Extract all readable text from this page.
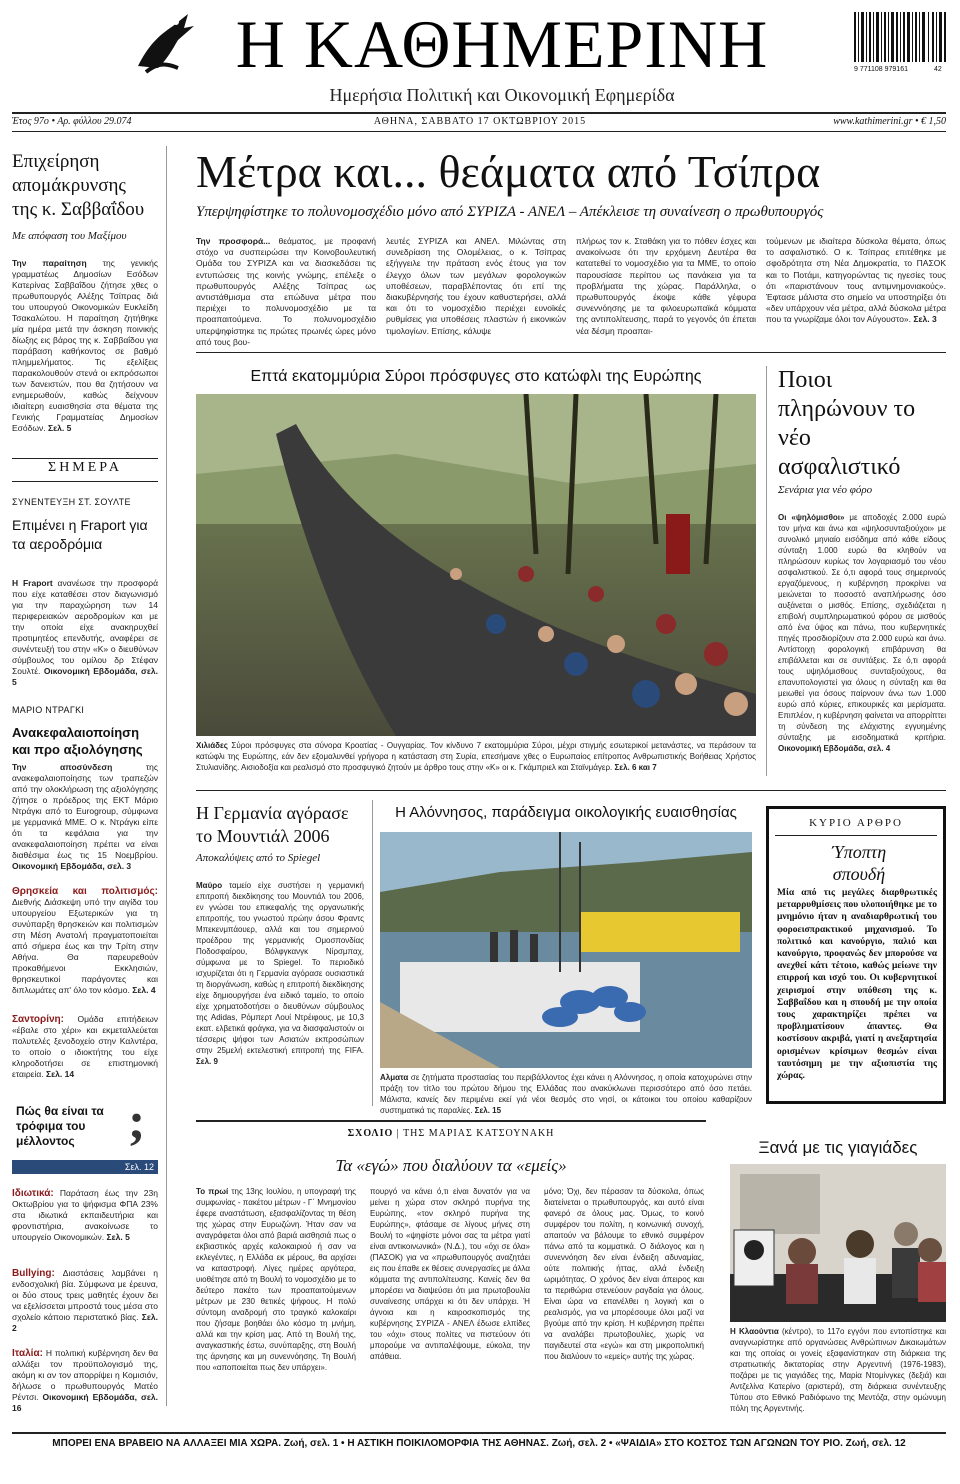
Η ΚΑΘΗΜΕΡΙΝΗ
Ημερήσια Πολιτική και Οικονομική Εφημερίδα
9 771108 979161	42
Έτος 97ο • Αρ. φύλλου 29.074	ΑΘΗΝΑ, ΣΑΒΒΑΤΟ 17 ΟΚΤΩΒΡΙΟΥ 2015	www.kathimerini.gr • € 1,50
Επιχείρηση απομάκρυνσης της κ. Σαββαΐδου
Με απόφαση του Μαξίμου
Την παραίτηση της γενικής γραμματέως Δημοσίων Εσόδων Κατερίνας Σαββαΐδου ζήτησε χθες ο πρωθυπουργός Αλέξης Τσίπρας διά του υπουργού Οικονομικών Ευκλείδη Τσακαλώτου. Η παραίτηση ζητήθηκε μία ημέρα μετά την άσκηση ποινικής δίωξης εις βάρος της κ. Σαββαΐδου για παράβαση καθήκοντος σε βαθμό πλημμελήματος. Τις εξελίξεις παρακολουθούν στενά οι εκπρόσωποι των δανειστών, που θα ζητήσουν να ενημερωθούν, καθώς δείχνουν ιδιαίτερη ευαισθησία στα θέματα της Γενικής Γραμματείας Δημοσίων Εσόδων. Σελ. 5
ΣΗΜΕΡΑ
ΣΥΝΕΝΤΕΥΞΗ ΣΤ. ΣΟΥΛΤΕ
Επιμένει η Fraport για τα αεροδρόμια
Η Fraport ανανέωσε την προσφορά που είχε καταθέσει στον διαγωνισμό για την παραχώρηση των 14 περιφερειακών αεροδρομίων και με την οποία είχε ανακηρυχθεί προτιμητέος επενδυτής, αναφέρει σε συνέντευξή του στην «Κ» ο διευθύνων σύμβουλος του ομίλου δρ Στέφαν Σουλτέ. Οικονομική Εβδομάδα, σελ. 5
ΜΑΡΙΟ ΝΤΡΑΓΚΙ
Ανακεφαλαιοποίηση και προ αξιολόγησης
Την αποσύνδεση	της ανακεφαλαιοποίησης των τραπεζών από την ολοκλήρωση της αξιολόγησης ζήτησε ο πρόεδρος της ΕΚΤ Μάριο Ντράγκι από το Eurogroup, σύμφωνα με γερμανικά ΜΜΕ. Ο κ. Ντράγκι είπε ότι τα κεφάλαια για την ανακεφαλαιοποίηση πρέπει να είναι διαθέσιμα έως τις 15 Νοεμβρίου. Οικονομική Εβδομάδα, σελ. 3
Θρησκεία και πολιτισμός: Διεθνής Διάσκεψη υπό την αιγίδα του υπουργείου Εξωτερικών για τη συνύπαρξη θρησκειών και πολιτισμών στη Μέση Ανατολή πραγματοποιείται από σήμερα έως και την Τρίτη στην Αθήνα. Θα παρευρεθούν προκαθήμενοι Εκκλησιών, θρησκευτικοί παράγοντες και διπλωμάτες απ' όλο τον κόσμο. Σελ. 4
Σαντορίνη: Ομάδα επιτήδειων «έβαλε στο χέρι» και εκμεταλλεύεται πολυτελές ξενοδοχείο στην Καλντέρα, το οποίο ο ιδιοκτήτης του είχε κληροδοτήσει σε επιστημονική εταιρεία. Σελ. 14
Πώς θα είναι τα τρόφιμα του μέλλοντος	;
Σελ. 12
Ιδιωτικά: Παράταση έως την 23η Οκτωβρίου για το ψήφισμα ΦΠΑ 23% στα ιδιωτικά εκπαιδευτήρια και φροντιστήρια, ανακοίνωσε το υπουργείο Οικονομικών. Σελ. 5
Bullying: Διαστάσεις λαμβάνει η ενδοσχολική βία. Σύμφωνα με έρευνα, οι δύο στους τρεις μαθητές έχουν δει να εξελίσσεται μπροστά τους μέσα στο σχολείο κάποιο περιστατικό βίας. Σελ. 2
Ιταλία: Η πολιτική κυβέρνηση δεν θα αλλάξει τον προϋπολογισμό της, ακόμη κι αν τον απορρίψει η Κομισιόν, δήλωσε ο πρωθυπουργός Ματέο Ρέντσι. Οικονομική Εβδομάδα, σελ. 16
Μέτρα και... θεάματα από Τσίπρα
Υπερψηφίστηκε το πολυνομοσχέδιο μόνο από ΣΥΡΙΖΑ - ΑΝΕΛ – Απέκλεισε τη συναίνεση ο πρωθυπουργός
Την προσφορά... θεάματος, με προφανή στόχο να συσπειρώσει την Κοινοβουλευτική Ομάδα του ΣΥΡΙΖΑ και να διασκεδάσει τις εντυπώσεις της κοινής γνώμης, επέλεξε ο πρωθυπουργός Αλέξης Τσίπρας ως αντιστάθμισμα στα επώδυνα μέτρα που περιέχει το πολυνομοσχέδιο με τα προαπαιτούμενα. Το πολυνομοσχέδιο υπερψηφίστηκε τις πρώτες πρωινές ώρες μόνο από τους βου-
λευτές ΣΥΡΙΖΑ και ΑΝΕΛ. Μιλώντας στη συνεδρίαση της Ολομέλειας, ο κ. Τσίπρας εξήγγειλε την πράταση ενός έτους για τον έλεγχο όλων των μεγάλων φορολογικών υποθέσεων, παραβλέποντας ότι επί της διακυβέρνησής του έχουν καθυστερήσει, αλλά και ότι το νομοσχέδιο περιέχει ευνοϊκές ρυθμίσεις για υποθέσεις πλαστών ή εικονικών τιμολογίων. Επίσης, κάλυψε
πλήρως τον κ. Σταθάκη για το πόθεν έσχες και ανακοίνωσε ότι την ερχόμενη Δευτέρα θα κατατεθεί το νομοσχέδιο για τα ΜΜΕ, το οποίο παρουσίασε περίπου ως πανάκεια για τα προβλήματα της χώρας. Παράλληλα, ο πρωθυπουργός έκοψε κάθε γέφυρα συνεννόησης με τα φιλοευρωπαϊκά κόμματα της αντιπολίτευσης, παρά το γεγονός ότι έπεται νέα δέσμη προαπαι-
τούμενων με ιδιαίτερα δύσκολα θέματα, όπως το ασφαλιστικό. Ο κ. Τσίπρας επιτέθηκε με σφοδρότητα στη Νέα Δημοκρατία, το ΠΑΣΟΚ και το Ποτάμι, κατηγορώντας τις ηγεσίες τους ότι «παριστάνουν τους αντιμνημονιακούς». Έφτασε μάλιστα στο σημείο να υποστηρίξει ότι «δεν υπάρχουν νέα μέτρα, αλλά δύσκολα μέτρα που τα γνωρίζαμε όλοι τον Αύγουστο». Σελ. 3
Επτά εκατομμύρια Σύροι πρόσφυγες στο κατώφλι της Ευρώπης
Χιλιάδες Σύροι πρόσφυγες στα σύνορα Κροατίας - Ουγγαρίας. Τον κίνδυνο 7 εκατομμύρια Σύροι, μέχρι στιγμής εσωτερικοί μετανάστες, να περάσουν τα κατώφλι της Ευρώπης, εάν δεν εξομαλυνθεί γρήγορα η κατάσταση στη Συρία, επεσήμανε χθες ο Ευρωπαίος επίτροπος Ανθρωπιστικής Βοήθειας Χρήστος Στυλιανίδης. Αισιοδοξία και ρεαλισμό στο προσφυγικό ζητούν με άρθρο τους στην «Κ» οι κ. Γκάμπριελ και Σταϊνμάγερ. Σελ. 6 και 7
Ποιοι πληρώνουν το νέο ασφαλιστικό
Σενάρια για νέο φόρο
Οι «ψηλόμισθοι» με αποδοχές 2.000 ευρώ τον μήνα και άνω και «ψηλοσυνταξιούχοι» με συνολικό μηνιαίο εισόδημα από κάθε είδους σύνταξη 1.000 ευρώ θα κληθούν να πληρώσουν κυρίως τον λογαριασμό του νέου ασφαλιστικού. Σε ό,τι αφορά τους σημερινούς εργαζόμενους, η κυβέρνηση προκρίνει να μειώνεται το ποσοστό αναπλήρωσης όσο αυξάνεται ο μισθός. Επίσης, σχεδιάζεται η επιβολή συμπληρωματικού φόρου σε μισθούς από ένα ύψος και πάνω, που κυβερνητικές πηγές προσδιορίζουν στα 2.000 ευρώ και άνω. Αντίστοιχη φορολογική επιβάρυνση θα επιβάλλεται και σε συντάξεις. Σε ό,τι αφορά τους υψηλόμισθους συνταξιούχους, θα επανυπολογιστεί για όλους η σύνταξη και θα μειωθεί για όσους παίρνουν άνω των 1.000 ευρώ από κύριες, επικουρικές και μερίσματα. Επιπλέον, η κυβέρνηση φαίνεται να απορρίπτει τη σύνδεση της ελάχιστης εγγυημένης σύνταξης με εισοδηματικά κριτήρια. Οικονομική Εβδομάδα, σελ. 4
Η Γερμανία αγόρασε το Μουντιάλ 2006
Αποκαλύψεις από το Spiegel
Μαύρο ταμείο είχε συστήσει η γερμανική επιτροπή διεκδίκησης του Μουντιάλ του 2006, εν γνώσει του επικεφαλής της οργανωτικής επιτροπής, του γνωστού πρώην άσου Φραντς Μπεκενμπάουερ, αλλά και του σημερινού προέδρου της γερμανικής Ομοσπονδίας Ποδοσφαίρου, Βόλφγκανγκ Νίρσμπαχ, σύμφωνα με το Spiegel. Το περιοδικό ισχυρίζεται ότι η Γερμανία αγόρασε ουσιαστικά τη διοργάνωση, καθώς η επιτροπή διεκδίκησης είχε δημιουργήσει ένα ειδικό ταμείο, το οποίο είχε χρηματοδοτήσει ο διευθύνων σύμβουλος της Adidas, Ρόμπερτ Λουί Ντρέιφους, με 10,3 εκατ. ελβετικά φράγκα, για να διασφαλιστούν οι τέσσερις ψήφοι των Ασιατών εκπροσώπων στην 25μελή εκτελεστική επιτροπή της FIFA. Σελ. 9
Η Αλόννησος, παράδειγμα οικολογικής ευαισθησίας
Αλματα σε ζητήματα προστασίας του περιβάλλοντος έχει κάνει η Αλόννησος, η οποία κατοχυρώνει στην πράξη τον τίτλο του πρώτου δήμου της Ελλάδας που ανακύκλωνει περισσότερο από όσο πετάει. Μάλιστα, κανείς δεν περιμένει εκεί γιά νέοι θεσμός στο νησί, οι κάτοικοι του οποίου καθαρίζουν συστηματικά τις παραλίες. Σελ. 15
ΚΥΡΙΟ ΑΡΘΡΟ
Ύποπτη σπουδή
Μία από τις μεγάλες διαρθρωτικές μεταρρυθμίσεις που υλοποιήθηκε με το μνημόνιο ήταν η αναδιαρθρωτική του φοροεισπρακτικού μηχανισμού. Το πολιτικό και κανούργιο, παλιό και κανούργιο, προφανώς δεν μπορούσε να ανεχθεί κάτι τέτοιο, καθώς μείωνε την επιρροή και ισχύ του. Οι κυβερνητικοί χειρισμοί στην υπόθεση της κ. Σαββαΐδου και η σπουδή με την οποία τους χαρακτηρίζει πρέπει να προβληματίσουν άπαντες. Θα κοστίσουν ακριβά, γιατί η ανεξαρτησία ορισμένων κρίσιμων θεσμών είναι ταυτόσημη με την αξιοπιστία της χώρας.
ΣΧΟΛΙΟ | ΤΗΣ ΜΑΡΙΑΣ ΚΑΤΣΟΥΝΑΚΗ
Τα «εγώ» που διαλύουν τα «εμείς»
Το πρωί της 13ης Ιουλίου, η υπογραφή της συμφωνίας - πακέτου μέτρων - Γ΄ Μνημονίου έφερε αναστάτωση, εξασφαλίζοντας τη θέση της χώρας στην Ευρωζώνη. Ήταν σαν να αναγράφεται όλοι από βαριά αισθησιά πως ο εκβιαστικός αρχές καλοκαιριού ή σαν να εκλεγέντες, η Ελλάδα εκ μέρους, θα αρχίσει να καταστροφή. Λίγες ημέρες αργότερα, υιοθέτησε από τη Βουλή το νομοσχέδιο με το δεύτερο πακέτο των προαπαιτούμενων μέτρων με 230 θετικές ψήφους. Η πολύ σύντομη αναδρομή στο τραγικό καλοκαίρι που ζήσαμε βοηθάει όλο κόσμο τη μνήμη, αλλά και την κρίση μας. Από τη Βουλή της, αναγκαστικής έστω, συνύπαρξης, στη Βουλή της άρνησης και μη συνεννόησης. Τη Βουλή που «αποποιείται πως δεν υπάρχει».
πουργό να κάνει ό,τι είναι δυνατόν για να μείνει η χώρα στον σκληρό πυρήνα της Ευρώπης, «τον σκληρό πυρήνα της Ευρώπης», φτάσαμε σε λίγους μήνες στη Βουλή το «ψηφίστε μόνοι σας τα μέτρα γιατί είναι αντικοινωνικά» (Ν.Δ.), του «όχι σε όλα» (ΠΑΣΟΚ) για να «πρωθυπουργός αναζητάει εις που έπαθε εκ θέσεις συνεργασίες με άλλα κόμματα της αντιπολίτευσης. Κανείς δεν θα μπορέσει να διαψεύσει ότι μια πρωτοβουλία συναίνεσης υπάρχει κι ότι δεν υπάρχει. Ή άγνοια και η καιροσκοπισμός της κυβέρνησης ΣΥΡΙΖΑ - ΑΝΕΛ έδωσε ελπίδες του «όχι» στους πολίτες να πιστεύουν ότι μπορούμε να αντιπαλέψουμε, εύκολα, την απάθεια.
μόνο; Όχι, δεν πέρασαν τα δύσκολα, όπως διατείνεται ο πρωθυπουργός, και αυτό είναι φανερό σε όλους μας. Όμως, το κοινό συμφέρον του πολίτη, η κοινωνική συνοχή, απαιτούν να βάλουμε το εθνικό συμφέρον πάνω από τα κομματικά. Ο διάλογος και η συνεννόηση δεν είναι ένδειξη αδυναμίας, ούτε πολιτικής ήττας, αλλά ένδειξη ωριμότητας. Ο χρόνος δεν είναι άπειρος και τα περιθώρια στενεύουν ραγδαία για όλους. Είναι ώρα να επανέλθει η λογική και ο ρεαλισμός, για να μπορέσουμε όλοι μαζί να βγούμε από την κρίση. Η κυβέρνηση πρέπει να αναλάβει πρωτοβουλίες, χωρίς να παγιδευτεί στα «εγώ» και στη μικροπολιτική που διαλύουν το «εμείς» αυτής της χώρας.
Ξανά με τις γιαγιάδες
Η Κλαούντια (κέντρο), το 117ο εγγόνι που εντοπίστηκε και αναγνωρίστηκε από οργανώσεις Ανθρώπινων Δικαιωμάτων και της οποίας οι γονείς εξαφανίστηκαν στη διάρκεια της στρατιωτικής δικτατορίας στην Αργεντινή (1976-1983), ποζάρει με τις γιαγιάδες της, Μαρία Ντομίνγκες (δεξιά) και Αντζελίνα Κατερίνο (αριστερά), στη διάρκεια συνέντευξης Τύπου στο Εθνικό Ραδιόφωνο της Μεντόζα, στην ομώνυμη πόλη της Αργεντινής.
ΜΠΟΡΕΙ ΕΝΑ ΒΡΑΒΕΙΟ ΝΑ ΑΛΛΑΞΕΙ ΜΙΑ ΧΩΡΑ. Ζωή, σελ. 1 • Η ΑΣΤΙΚΗ ΠΟΙΚΙΛΟΜΟΡΦΙΑ ΤΗΣ ΑΘΗΝΑΣ. Ζωή, σελ. 2 • «ΨΑΙΔΙΑ» ΣΤΟ ΚΟΣΤΟΣ ΤΩΝ ΑΓΩΝΩΝ ΤΟΥ ΡΙΟ. Ζωή, σελ. 12
